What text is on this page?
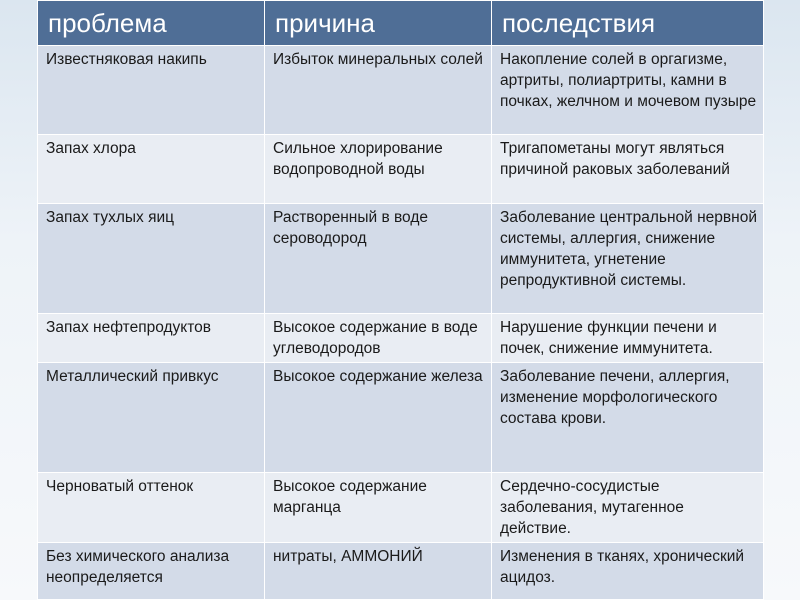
проблема	причина	последствия
Известняковая накипь	Избыток минеральных солей	Накопление солей в оргагизме, артриты, полиартриты, камни в почках, желчном и мочевом пузыре
Запах хлора	Сильное хлорирование водопроводной воды	Тригапометаны могут являться причиной раковых заболеваний
Запах тухлых яиц	Растворенный в воде сероводород	Заболевание центральной нервной системы, аллергия, снижение иммунитета, угнетение репродуктивной системы.
Запах нефтепродуктов	Высокое содержание в воде углеводородов	Нарушение функции печени и почек, снижение иммунитета.
Металлический привкус	Высокое содержание железа	Заболевание печени, аллергия, изменение морфологического состава крови.
Черноватый оттенок	Высокое содержание марганца	Сердечно-сосудистые заболевания, мутагенное действие.
Без химического анализа неопределяется	нитраты, АММОНИЙ	Изменения в тканях, хронический ацидоз.
